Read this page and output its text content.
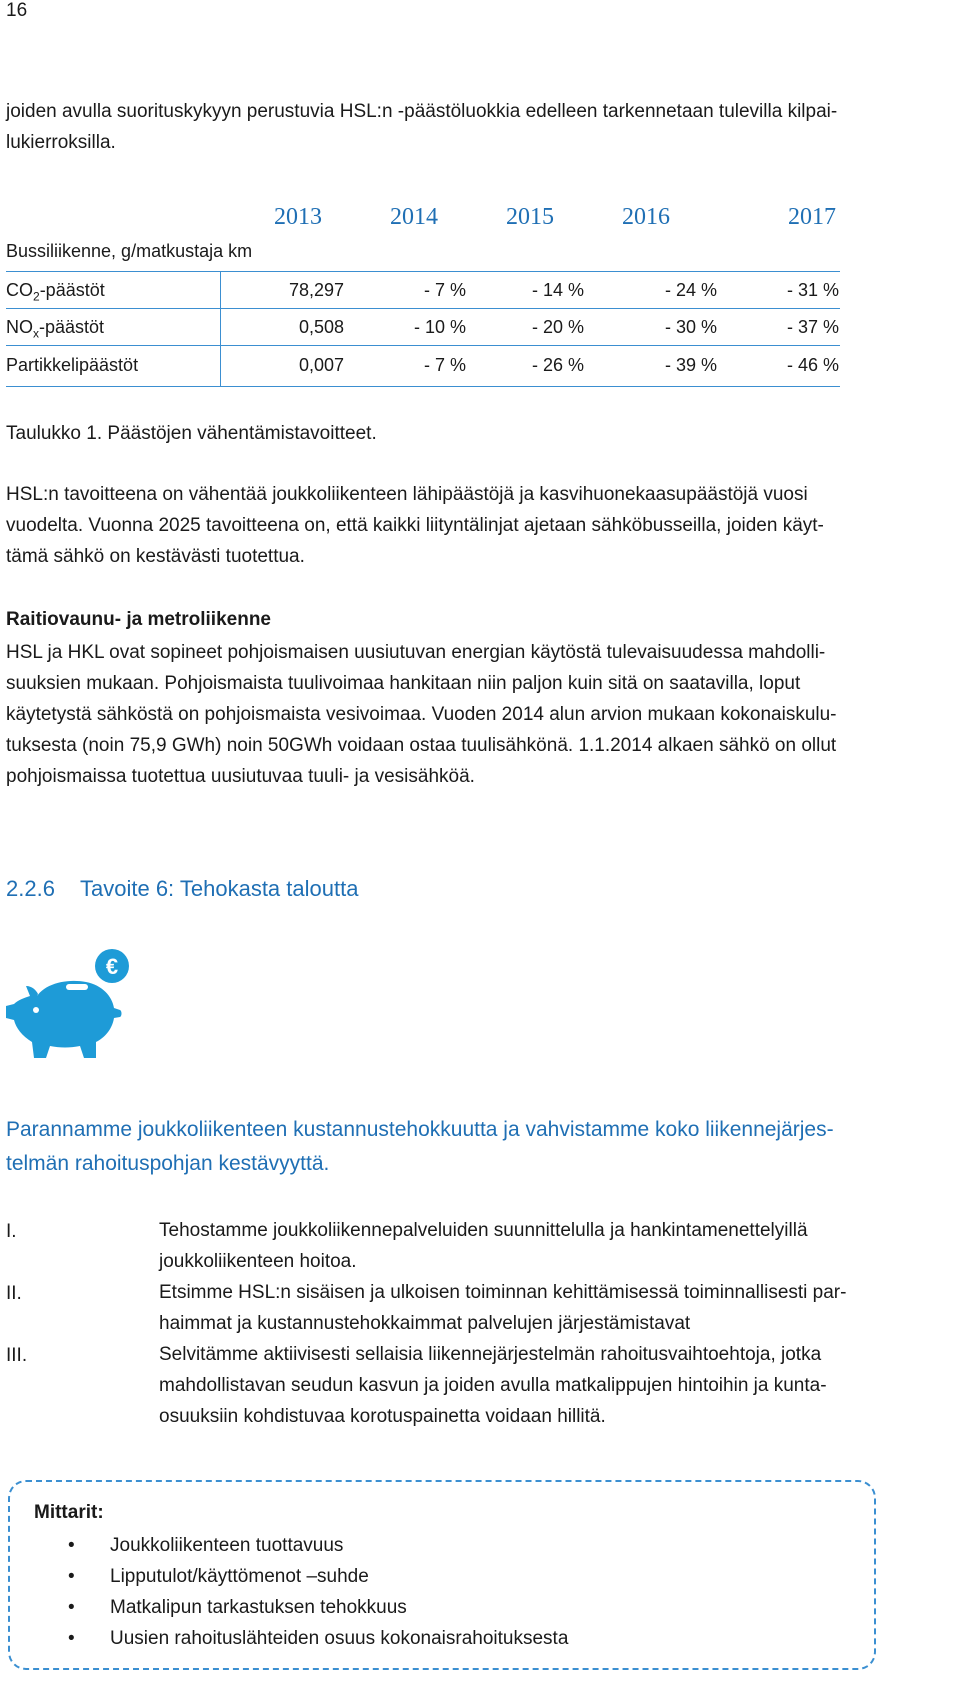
16
joiden avulla suorituskykyyn perustuvia HSL:n -päästöluokkia edelleen tarkennetaan tulevilla kilpai-
lukierroksilla.
2013	2014	2015	2016	2017
Bussiliikenne, g/matkustaja km
$CO_2$-päästöt	78,297	- 7 %	- 14 %	- 24 %	- 31 %
$NO_x$-päästöt	0,508	- 10 %	- 20 %	- 30 %	- 37 %
Partikkelipäästöt	0,007	- 7 %	- 26 %	- 39 %	- 46 %
Taulukko 1. Päästöjen vähentämistavoitteet.
HSL:n tavoitteena on vähentää joukkoliikenteen lähipäästöjä ja kasvihuonekaasupäästöjä vuosi
vuodelta. Vuonna 2025 tavoitteena on, että kaikki liityntälinjat ajetaan sähköbusseilla, joiden käyt-
tämä sähkö on kestävästi tuotettua.
Raitiovaunu- ja metroliikenne
HSL ja HKL ovat sopineet pohjoismaisen uusiutuvan energian käytöstä tulevaisuudessa mahdolli-
suuksien mukaan. Pohjoismaista tuulivoimaa hankitaan niin paljon kuin sitä on saatavilla, loput
käytetystä sähköstä on pohjoismaista vesivoimaa. Vuoden 2014 alun arvion mukaan kokonaiskulu-
tuksesta (noin 75,9 GWh) noin 50GWh voidaan ostaa tuulisähkönä. 1.1.2014 alkaen sähkö on ollut
pohjoismaissa tuotettua uusiutuvaa tuuli- ja vesisähköä.
2.2.6 Tavoite 6: Tehokasta taloutta
€
Parannamme joukkoliikenteen kustannustehokkuutta ja vahvistamme koko liikennejärjes-
telmän rahoituspohjan kestävyyttä.
I.	Tehostamme joukkoliikennepalveluiden suunnittelulla ja hankintamenettelyillä
joukkoliikenteen hoitoa.
II.	Etsimme HSL:n sisäisen ja ulkoisen toiminnan kehittämisessä toiminnallisesti par-
haimmat ja kustannustehokkaimmat palvelujen järjestämistavat
III.	Selvitämme aktiivisesti sellaisia liikennejärjestelmän rahoitusvaihtoehtoja, jotka
mahdollistavan seudun kasvun ja joiden avulla matkalippujen hintoihin ja kunta-
osuuksiin kohdistuvaa korotuspainetta voidaan hillitä.
Mittarit:
• Joukkoliikenteen tuottavuus
• Lipputulot/käyttömenot –suhde
• Matkalipun tarkastuksen tehokkuus
• Uusien rahoituslähteiden osuus kokonaisrahoituksesta
